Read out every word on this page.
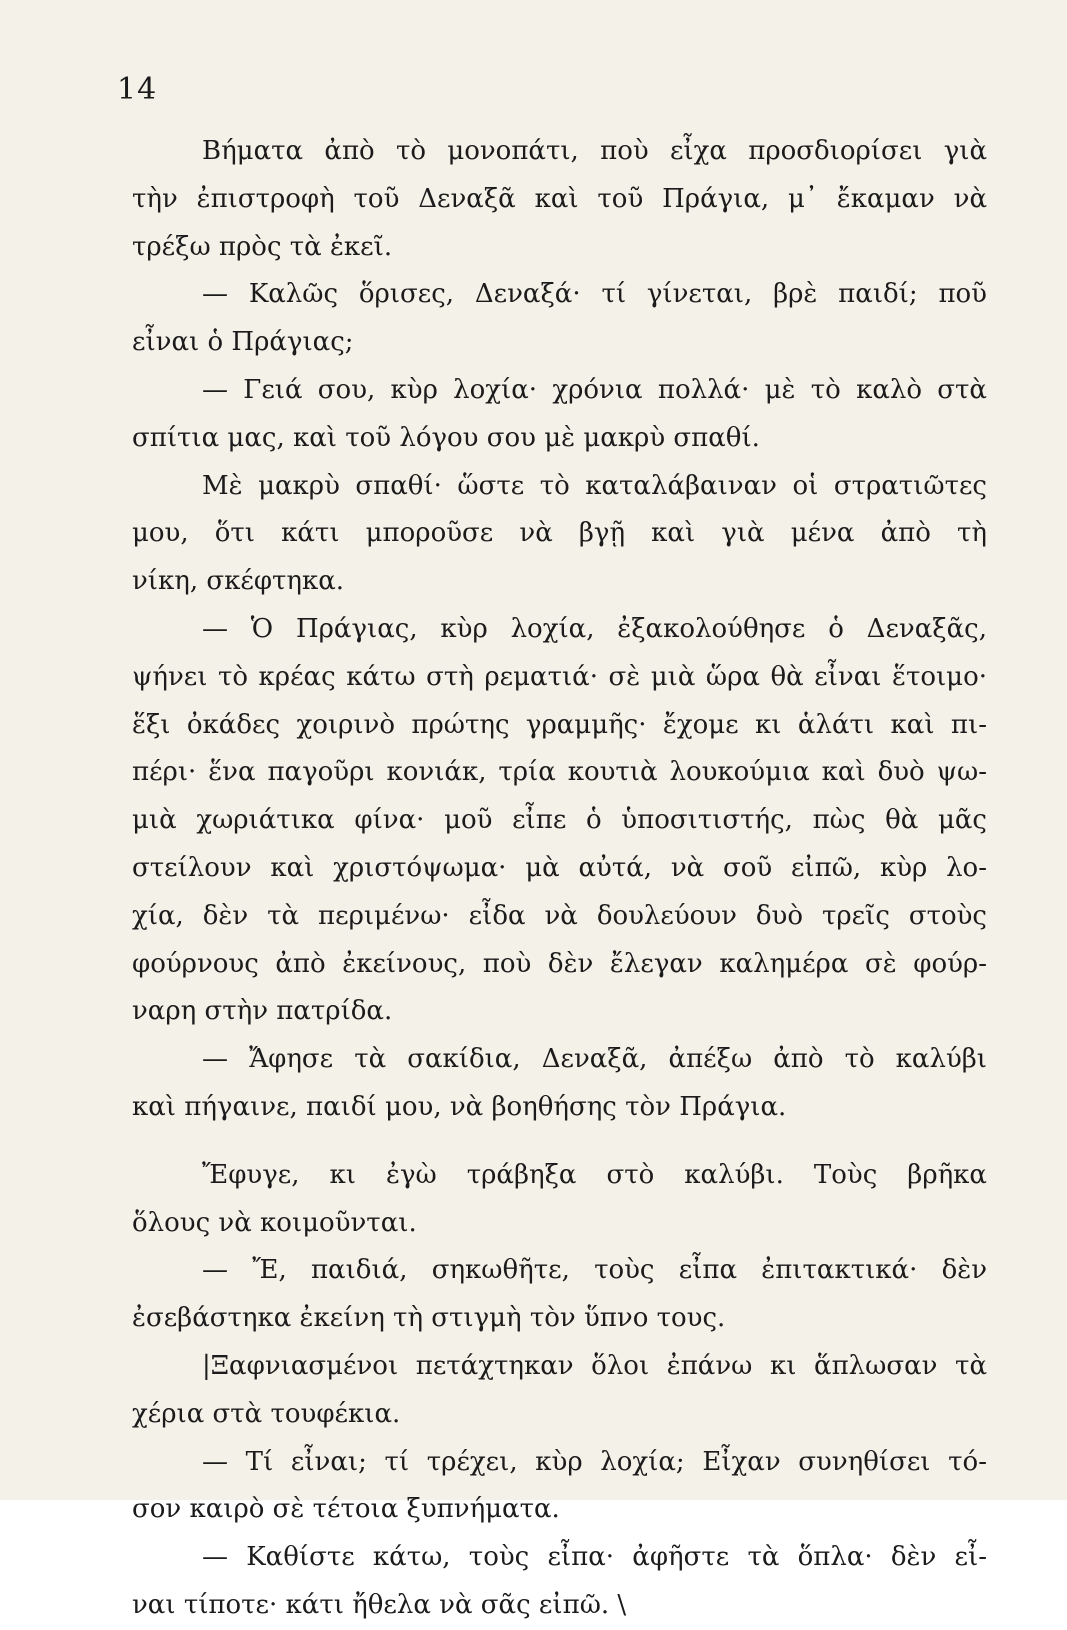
14
Βήματα ἀπὸ τὸ μονοπάτι, ποὺ εἶχα προσδιορίσει γιὰ
τὴν ἐπιστροφὴ τοῦ Δεναξᾶ καὶ τοῦ Πράγια, μ᾽ ἔκαμαν νὰ
τρέξω πρὸς τὰ ἐκεῖ.
— Καλῶς ὅρισες, Δεναξά· τί γίνεται, βρὲ παιδί; ποῦ
εἶναι ὁ Πράγιας;
— Γειά σου, κὺρ λοχία· χρόνια πολλά· μὲ τὸ καλὸ στὰ
σπίτια μας, καὶ τοῦ λόγου σου μὲ μακρὺ σπαθί.
Μὲ μακρὺ σπαθί· ὥστε τὸ καταλάβαιναν οἱ στρατιῶτες
μου, ὅτι κάτι μποροῦσε νὰ βγῇ καὶ γιὰ μένα ἀπὸ τὴ
νίκη, σκέφτηκα.
— Ὁ Πράγιας, κὺρ λοχία, ἐξακολούθησε ὁ Δεναξᾶς,
ψήνει τὸ κρέας κάτω στὴ ρεματιά· σὲ μιὰ ὥρα θὰ εἶναι ἕτοιμο·
ἕξι ὀκάδες χοιρινὸ πρώτης γραμμῆς· ἔχομε κι ἁλάτι καὶ πι-
πέρι· ἕνα παγοῦρι κονιάκ, τρία κουτιὰ λουκούμια καὶ δυὸ ψω-
μιὰ χωριάτικα φίνα· μοῦ εἶπε ὁ ὑποσιτιστής, πὼς θὰ μᾶς
στείλουν καὶ χριστόψωμα· μὰ αὐτά, νὰ σοῦ εἰπῶ, κὺρ λο-
χία, δὲν τὰ περιμένω· εἶδα νὰ δουλεύουν δυὸ τρεῖς στοὺς
φούρνους ἀπὸ ἐκείνους, ποὺ δὲν ἔλεγαν καλημέρα σὲ φούρ-
ναρη στὴν πατρίδα.
— Ἄφησε τὰ σακίδια, Δεναξᾶ, ἀπέξω ἀπὸ τὸ καλύβι
καὶ πήγαινε, παιδί μου, νὰ βοηθήσης τὸν Πράγια.
Ἔφυγε, κι ἐγὼ τράβηξα στὸ καλύβι. Τοὺς βρῆκα
ὅλους νὰ κοιμοῦνται.
— Ἔ, παιδιά, σηκωθῆτε, τοὺς εἶπα ἐπιτακτικά· δὲν
ἐσεβάστηκα ἐκείνη τὴ στιγμὴ τὸν ὕπνο τους.
|Ξαφνιασμένοι πετάχτηκαν ὅλοι ἐπάνω κι ἅπλωσαν τὰ
χέρια στὰ τουφέκια.
— Τί εἶναι; τί τρέχει, κὺρ λοχία; Εἶχαν συνηθίσει τό-
σον καιρὸ σὲ τέτοια ξυπνήματα.
— Καθίστε κάτω, τοὺς εἶπα· ἀφῆστε τὰ ὅπλα· δὲν εἶ-
ναι τίποτε· κάτι ἤθελα νὰ σᾶς εἰπῶ. \
